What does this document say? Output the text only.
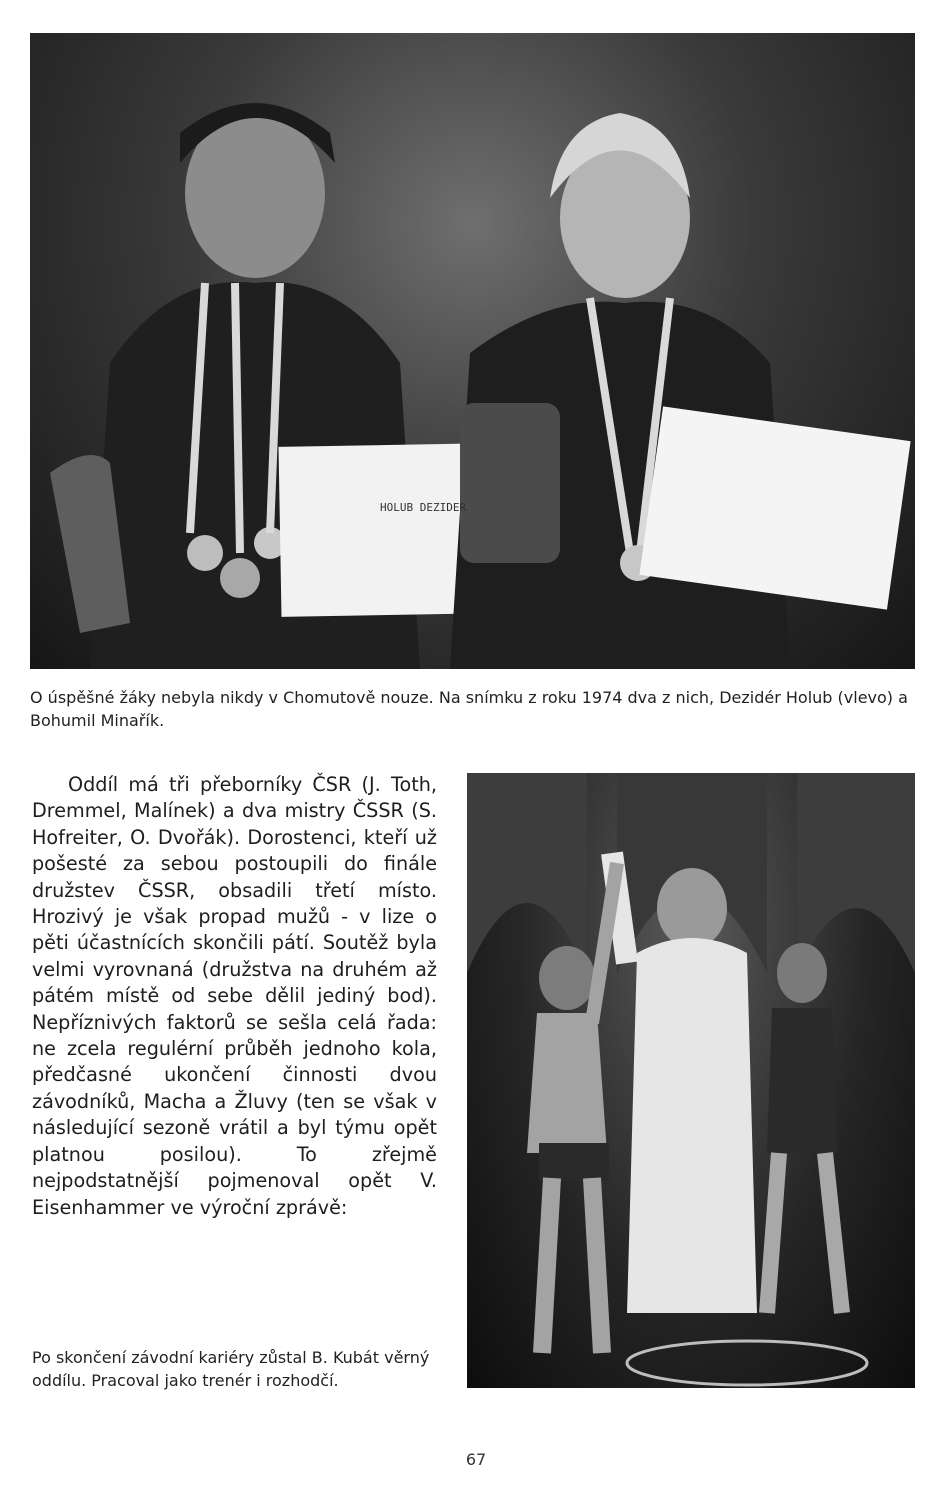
HOLUB DEZIDER
O úspěšné žáky nebyla nikdy v Chomutově nouze. Na snímku z roku 1974 dva z nich, Dezidér Holub (vlevo) a Bohumil Minařík.

Oddíl má tři přeborníky ČSR (J. Toth, Dremmel, Malínek) a dva mistry ČSSR (S. Hofreiter, O. Dvořák). Dorostenci, kteří už pošesté za sebou postoupili do finále družstev ČSSR, obsadili třetí místo. Hrozivý je však propad mužů - v lize o pěti účastnících skončili pátí. Soutěž byla velmi vyrovnaná (družstva na druhém až pátém místě od sebe dělil jediný bod). Nepříznivých faktorů se sešla celá řada: ne zcela regulérní průběh jednoho kola, předčasné ukončení činnosti dvou závodníků, Macha a Žluvy (ten se však v následující sezoně vrátil a byl týmu opět platnou posilou). To zřejmě nejpodstatnější pojmenoval opět V. Eisenhammer ve výroční zprávě:

Po skončení závodní kariéry zůstal B. Kubát věrný oddílu. Pracoval jako trenér i rozhodčí.
67
